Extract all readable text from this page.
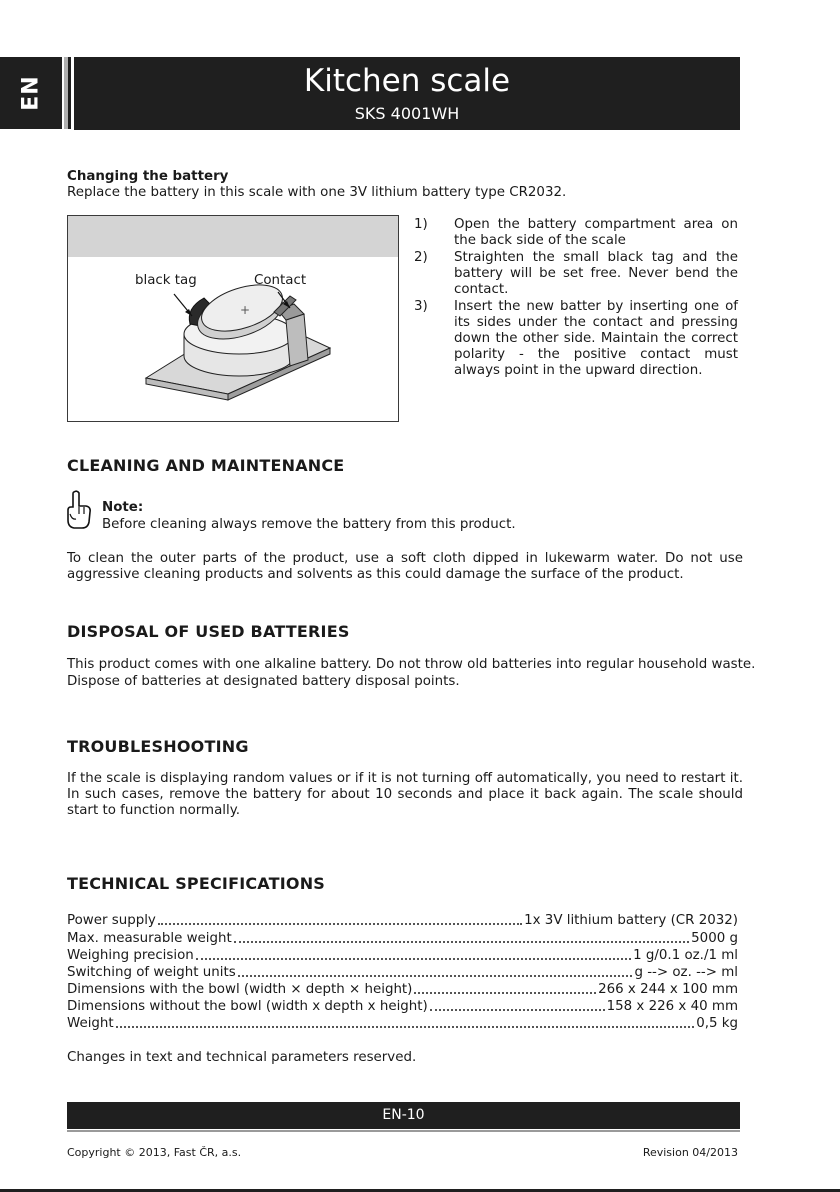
EN	Kitchen scale
SKS 4001WH
Changing the battery
Replace the battery in this scale with one 3V lithium battery type CR2032.
black tag	Contact
+
1) Open the battery compartment area on the back side of the scale
2) Straighten the small black tag and the battery will be set free. Never bend the contact.
3) Insert the new batter by inserting one of its sides under the contact and pressing down the other side. Maintain the correct polarity - the positive contact must always point in the upward direction.
CLEANING AND MAINTENANCE
Note:
Before cleaning always remove the battery from this product.
To clean the outer parts of the product, use a soft cloth dipped in lukewarm water. Do not use aggressive cleaning products and solvents as this could damage the surface of the product.
DISPOSAL OF USED BATTERIES
This product comes with one alkaline battery. Do not throw old batteries into regular household waste.
Dispose of batteries at designated battery disposal points.
TROUBLESHOOTING
If the scale is displaying random values or if it is not turning off automatically, you need to restart it. In such cases, remove the battery for about 10 seconds and place it back again. The scale should start to function normally.
TECHNICAL SPECIFICATIONS
Power supply	1x 3V lithium battery (CR 2032)
Max. measurable weight	5000 g
Weighing precision	1 g/0.1 oz./1 ml
Switching of weight units	g --> oz. --> ml
Dimensions with the bowl (width × depth × height)	266 x 244 x 100 mm
Dimensions without the bowl (width x depth x height)	158 x 226 x 40 mm
Weight	0,5 kg
Changes in text and technical parameters reserved.
EN-10
Copyright © 2013, Fast ČR, a.s.	Revision 04/2013
